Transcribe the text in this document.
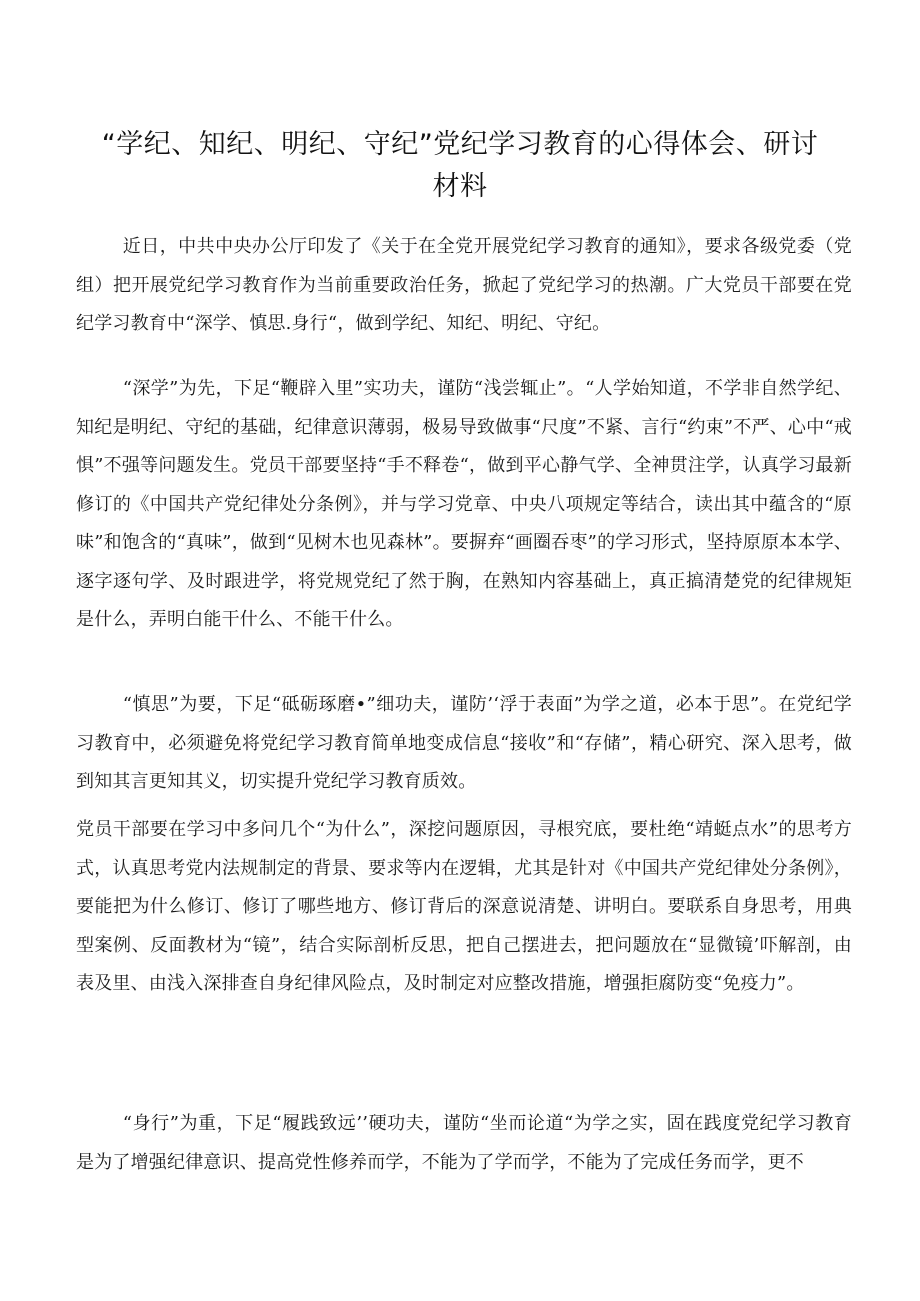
“学纪、知纪、明纪、守纪”党纪学习教育的心得体会、研讨材料

近日，中共中央办公厅印发了《关于在全党开展党纪学习教育的通知》，要求各级党委（党组）把开展党纪学习教育作为当前重要政治任务，掀起了党纪学习的热潮。广大党员干部要在党纪学习教育中“深学、慎思.身行“，做到学纪、知纪、明纪、守纪。

“深学”为先，下足“鞭辟入里”实功夫，谨防“浅尝辄止”。“人学始知道，不学非自然学纪、知纪是明纪、守纪的基础，纪律意识薄弱，极易导致做事“尺度”不紧、言行“约束”不严、心中“戒惧”不强等问题发生。党员干部要坚持“手不释卷“，做到平心静气学、全神贯注学，认真学习最新修订的《中国共产党纪律处分条例》，并与学习党章、中央八项规定等结合，读出其中蕴含的“原味”和饱含的“真味”，做到“见树木也见森林”。要摒弃“画圈吞枣”的学习形式，坚持原原本本学、逐字逐句学、及时跟进学，将党规党纪了然于胸，在熟知内容基础上，真正搞清楚党的纪律规矩是什么，弄明白能干什么、不能干什么。

“慎思”为要，下足“砥砺琢磨•”细功夫，谨防’‘浮于表面”为学之道，必本于思”。在党纪学习教育中，必须避免将党纪学习教育简单地变成信息“接收”和“存储”，精心研究、深入思考，做到知其言更知其义，切实提升党纪学习教育质效。

党员干部要在学习中多问几个“为什么”，深挖问题原因，寻根究底，要杜绝“靖蜓点水”的思考方式，认真思考党内法规制定的背景、要求等内在逻辑，尤其是针对《中国共产党纪律处分条例》，要能把为什么修订、修订了哪些地方、修订背后的深意说清楚、讲明白。要联系自身思考，用典型案例、反面教材为“镜”，结合实际剖析反思，把自己摆进去，把问题放在“显微镜’吓解剖，由表及里、由浅入深排查自身纪律风险点，及时制定对应整改措施，增强拒腐防变“免疫力”。

“身行”为重，下足“履践致远’’硬功夫，谨防“坐而论道“为学之实，固在践度党纪学习教育是为了增强纪律意识、提高党性修养而学，不能为了学而学，不能为了完成任务而学，更不
